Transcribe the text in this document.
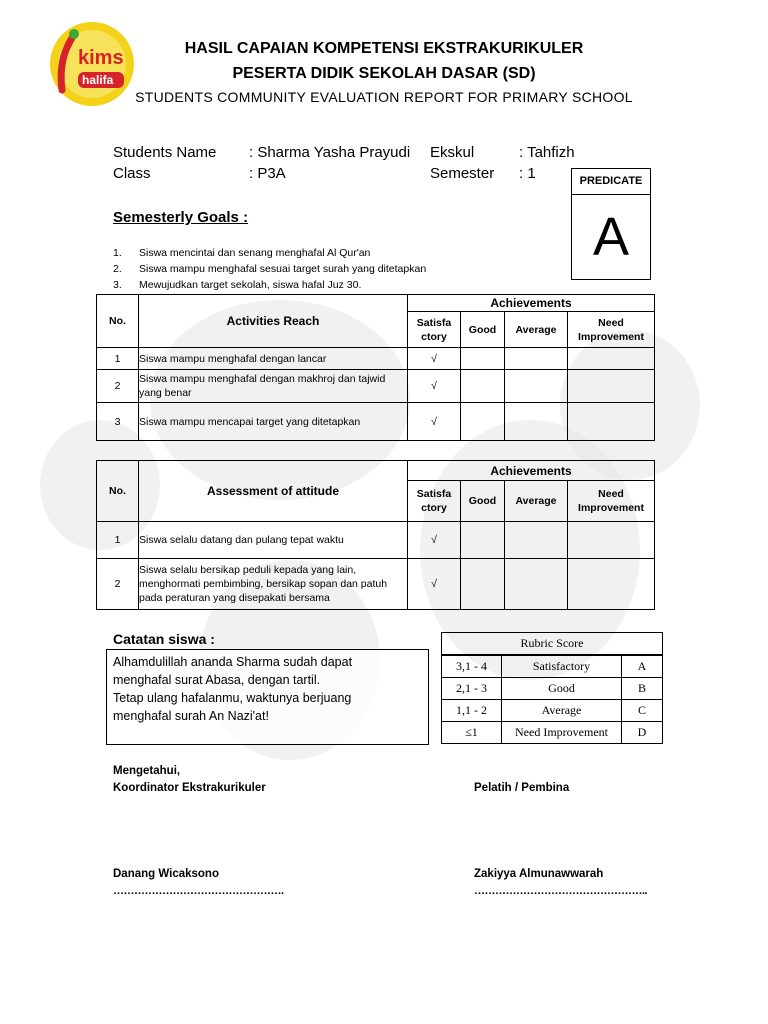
kims
halifa
HASIL CAPAIAN KOMPETENSI EKSTRAKURIKULER
PESERTA DIDIK SEKOLAH DASAR (SD)
STUDENTS COMMUNITY EVALUATION REPORT FOR PRIMARY SCHOOL
Students Name : Sharma Yasha Prayudi
Class	: P3A
Ekskul	: Tahfizh
Semester : 1	PREDICATE
A
Semesterly Goals :
1. Siswa mencintai dan senang menghafal Al Qur'an
2. Siswa mampu menghafal sesuai target surah yang ditetapkan
3. Mewujudkan target sekolah, siswa hafal Juz 30.
No.	Activities Reach	Achievements			
		Satisfa ctory	Good	Average	Need Improvement
1	Siswa mampu menghafal dengan lancar	√			
2	Siswa mampu menghafal dengan makhroj dan tajwid yang benar	√			
3	Siswa mampu mencapai target yang ditetapkan	√			
No.	Assessment of attitude	Achievements			
		Satisfa ctory	Good	Average	Need Improvement
1	Siswa selalu datang dan pulang tepat waktu	√			
2	Siswa selalu bersikap peduli kepada yang lain, menghormati pembimbing, bersikap sopan dan patuh pada peraturan yang disepakati bersama	√			
Catatan siswa :
Alhamdulillah ananda Sharma sudah dapat
menghafal surat Abasa, dengan tartil.
Tetap ulang hafalanmu, waktunya berjuang
menghafal surah An Nazi'at!
Rubric Score		
3,1 - 4	Satisfactory	A
2,1 - 3	Good	B
1,1 - 2	Average	C
≤1	Need Improvement	D
Mengetahui,
Koordinator Ekstrakurikuler	Pelatih / Pembina
Danang Wicaksono
………………………………………….
Zakiyya Almunawwarah
…………………………………………..
